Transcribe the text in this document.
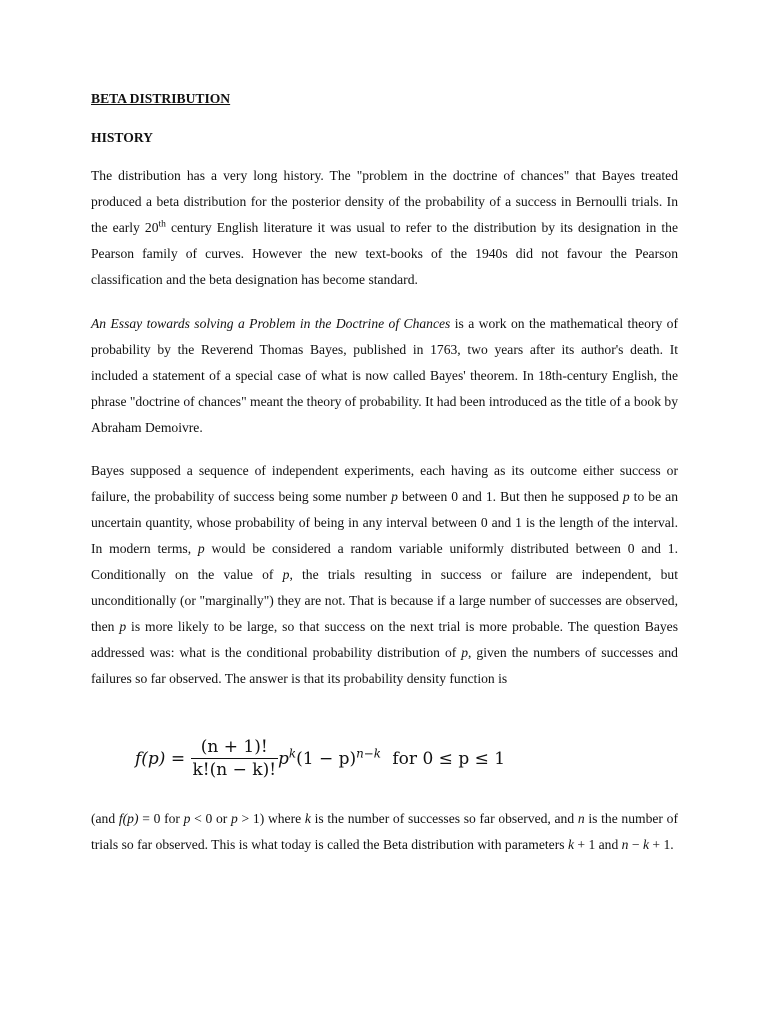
BETA DISTRIBUTION
HISTORY
The distribution has a very long history. The "problem in the doctrine of chances" that Bayes treated produced a beta distribution for the posterior density of the probability of a success in Bernoulli trials. In the early 20th century English literature it was usual to refer to the distribution by its designation in the Pearson family of curves. However the new text-books of the 1940s did not favour the Pearson classification and the beta designation has become standard.
An Essay towards solving a Problem in the Doctrine of Chances is a work on the mathematical theory of probability by the Reverend Thomas Bayes, published in 1763, two years after its author's death. It included a statement of a special case of what is now called Bayes' theorem. In 18th-century English, the phrase "doctrine of chances" meant the theory of probability. It had been introduced as the title of a book by Abraham Demoivre.
Bayes supposed a sequence of independent experiments, each having as its outcome either success or failure, the probability of success being some number p between 0 and 1. But then he supposed p to be an uncertain quantity, whose probability of being in any interval between 0 and 1 is the length of the interval. In modern terms, p would be considered a random variable uniformly distributed between 0 and 1. Conditionally on the value of p, the trials resulting in success or failure are independent, but unconditionally (or "marginally") they are not. That is because if a large number of successes are observed, then p is more likely to be large, so that success on the next trial is more probable. The question Bayes addressed was: what is the conditional probability distribution of p, given the numbers of successes and failures so far observed. The answer is that its probability density function is
$f(p) = \frac{(n + 1)!}{k!(n - k)!} p^k(1 - p)^{n-k}$ for 0 ≤ p ≤ 1
(and f(p) = 0 for p < 0 or p > 1) where k is the number of successes so far observed, and n is the number of trials so far observed. This is what today is called the Beta distribution with parameters k + 1 and n − k + 1.
